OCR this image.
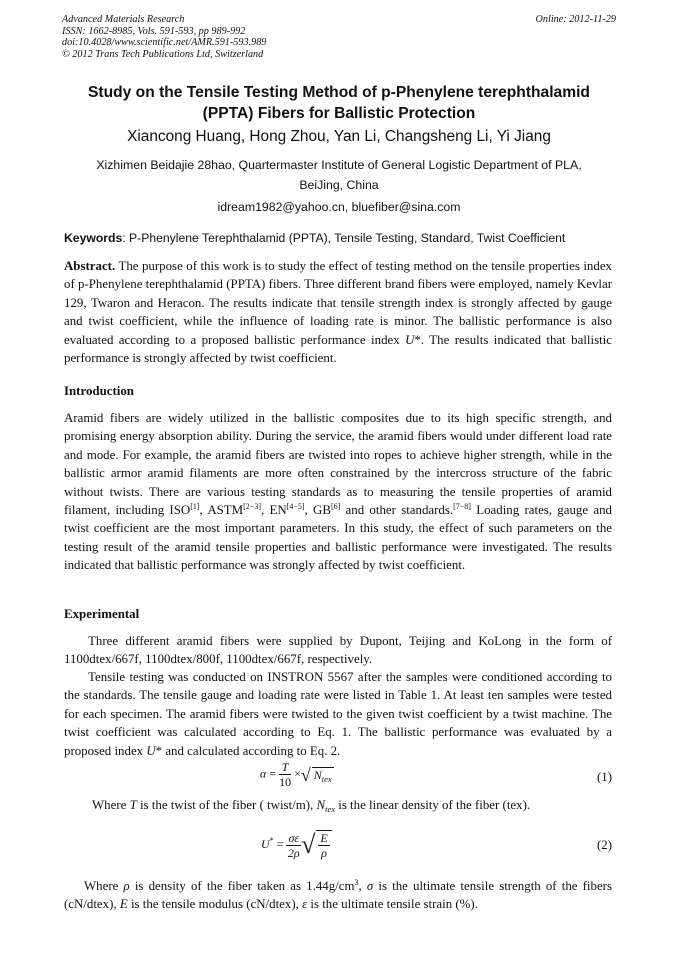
Advanced Materials Research
ISSN: 1662-8985, Vols. 591-593, pp 989-992
doi:10.4028/www.scientific.net/AMR.591-593.989
© 2012 Trans Tech Publications Ltd, Switzerland
Online: 2012-11-29
Study on the Tensile Testing Method of p-Phenylene terephthalamid
(PPTA) Fibers for Ballistic Protection
Xiancong Huang, Hong Zhou, Yan Li, Changsheng Li, Yi Jiang
Xizhimen Beidajie 28hao, Quartermaster Institute of General Logistic Department of PLA,
BeiJing, China
idream1982@yahoo.cn, bluefiber@sina.com
Keywords: P-Phenylene Terephthalamid (PPTA), Tensile Testing, Standard, Twist Coefficient
Abstract. The purpose of this work is to study the effect of testing method on the tensile properties index of p-Phenylene terephthalamid (PPTA) fibers. Three different brand fibers were employed, namely Kevlar 129, Twaron and Heracon. The results indicate that tensile strength index is strongly affected by gauge and twist coefficient, while the influence of loading rate is minor. The ballistic performance is also evaluated according to a proposed ballistic performance index U*. The results indicated that ballistic performance is strongly affected by twist coefficient.
Introduction
Aramid fibers are widely utilized in the ballistic composites due to its high specific strength, and promising energy absorption ability. During the service, the aramid fibers would under different load rate and mode. For example, the aramid fibers are twisted into ropes to achieve higher strength, while in the ballistic armor aramid filaments are more often constrained by the intercross structure of the fabric without twists. There are various testing standards as to measuring the tensile properties of aramid filament, including ISO[1], ASTM[2−3], EN[4−5], GB[6] and other standards.[7−8] Loading rates, gauge and twist coefficient are the most important parameters. In this study, the effect of such parameters on the testing result of the aramid tensile properties and ballistic performance were investigated. The results indicated that ballistic performance was strongly affected by twist coefficient.
Experimental
Three different aramid fibers were supplied by Dupont, Teijing and KoLong in the form of 1100dtex/667f, 1100dtex/800f, 1100dtex/667f, respectively.
Tensile testing was conducted on INSTRON 5567 after the samples were conditioned according to the standards. The tensile gauge and loading rate were listed in Table 1. At least ten samples were tested for each specimen. The aramid fibers were twisted to the given twist coefficient by a twist machine. The twist coefficient was calculated according to Eq. 1. The ballistic performance was evaluated by a proposed index U* and calculated according to Eq. 2.
$\alpha = \frac{T}{10}$ ×√ $N_{tex}$	(1)
Where T is the twist of the fiber ( twist/m), $N_{tex}$ is the linear density of the fiber (tex).
$U^* = \frac{\sigma\varepsilon}{2\rho}$ √ $\frac{E}{\rho}$	(2)
Where ρ is density of the fiber taken as $1.44g/cm^3$, σ is the ultimate tensile strength of the fibers (cN/dtex), E is the tensile modulus (cN/dtex), ε is the ultimate tensile strain (%).
